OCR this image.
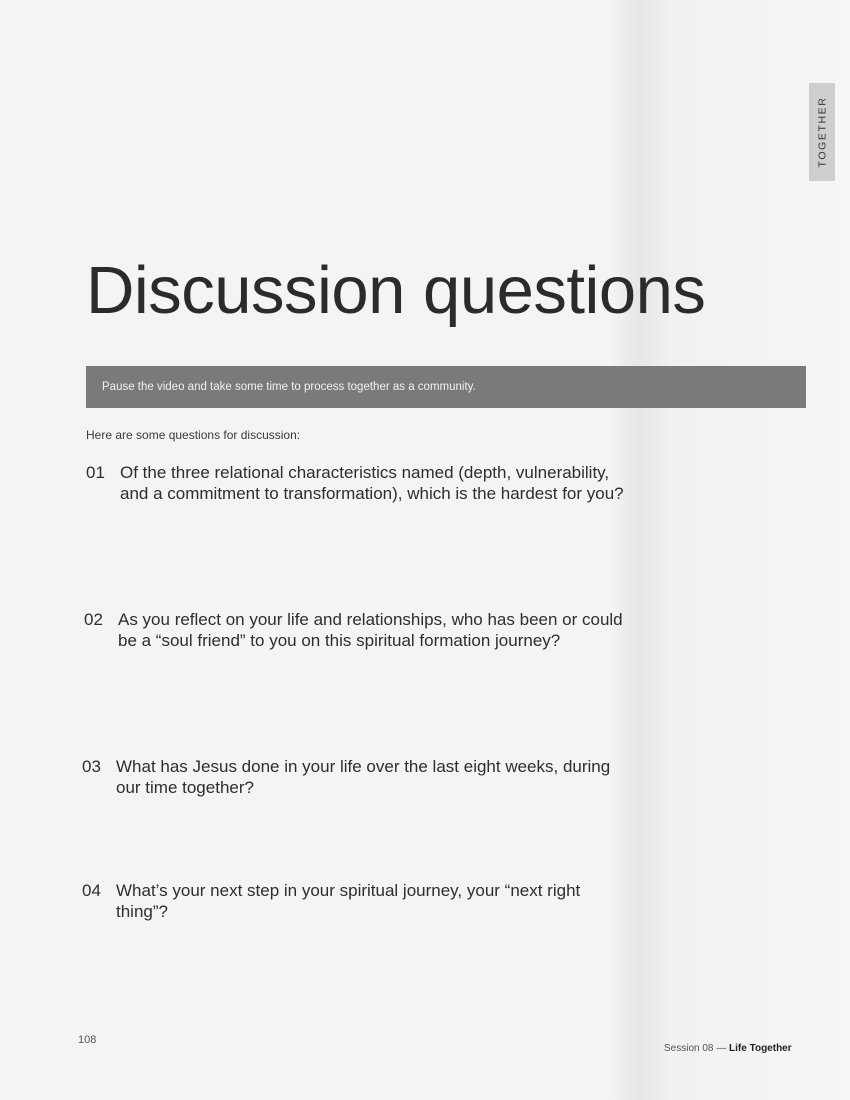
TOGETHER
Discussion questions
Pause the video and take some time to process together as a community.
Here are some questions for discussion:
01 Of the three relational characteristics named (depth, vulnerability, and a commitment to transformation), which is the hardest for you?
02 As you reflect on your life and relationships, who has been or could be a “soul friend” to you on this spiritual formation journey?
03 What has Jesus done in your life over the last eight weeks, during our time together?
04 What’s your next step in your spiritual journey, your “next right thing”?
108
Session 08 — Life Together
